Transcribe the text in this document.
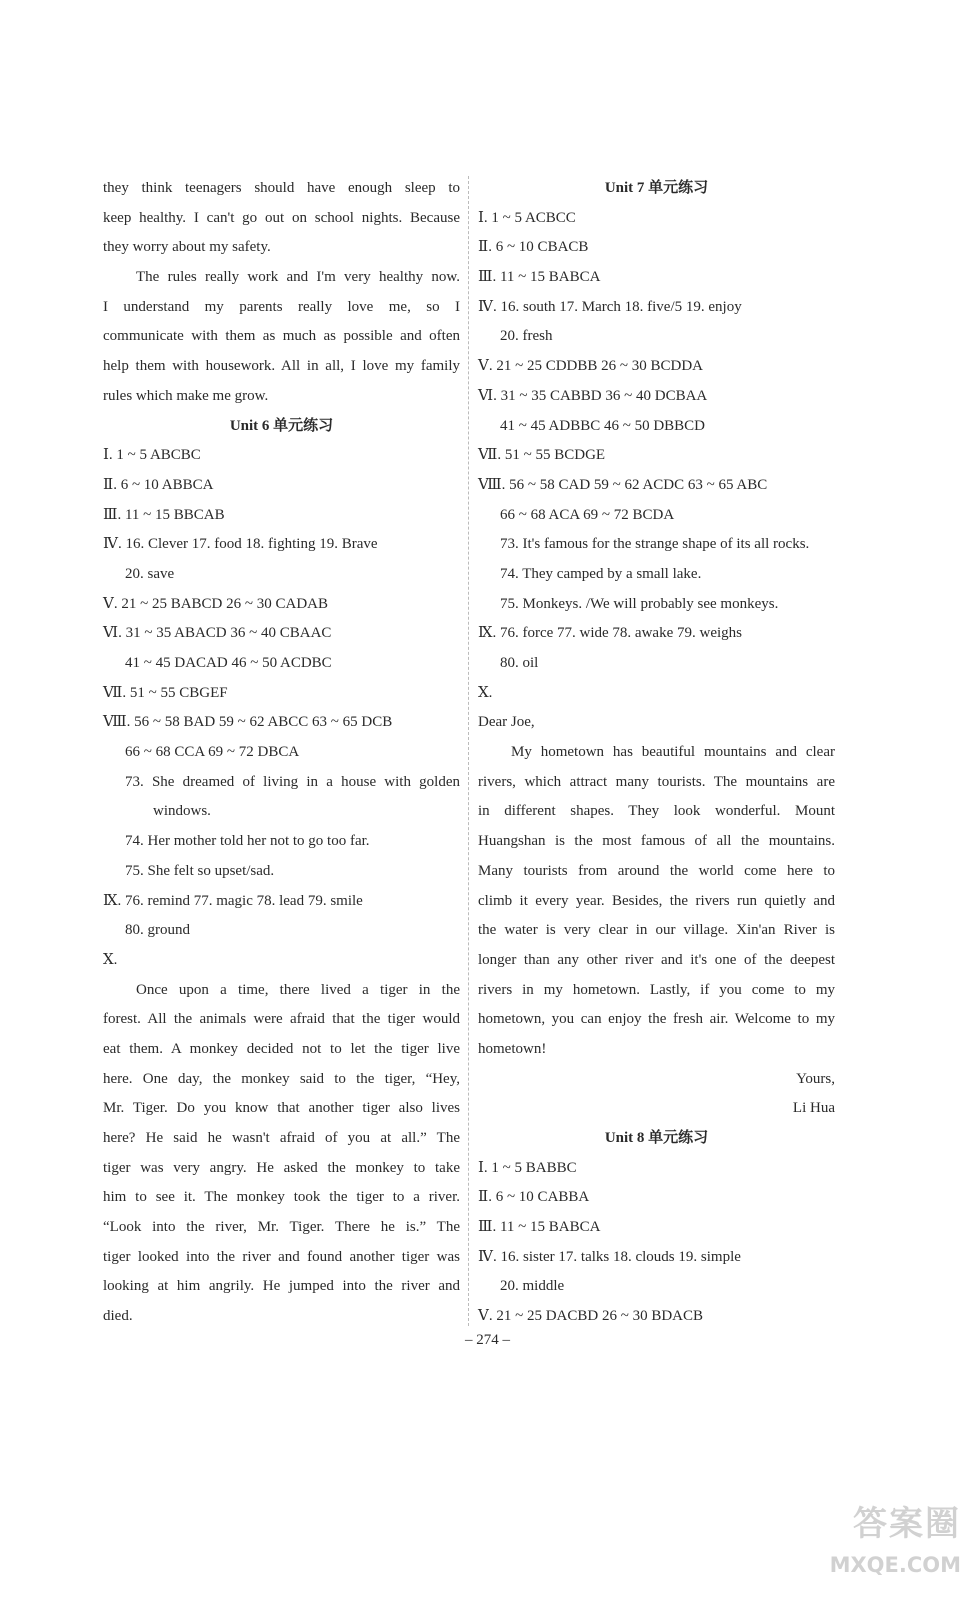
they think teenagers should have enough sleep to
keep healthy. I can't go out on school nights. Because
they worry about my safety.
The rules really work and I'm very healthy now.
I understand my parents really love me, so I
communicate with them as much as possible and often
help them with housework. All in all, I love my family
rules which make me grow.
Unit 6 单元练习
Ⅰ. 1 ~ 5 ABCBC
Ⅱ. 6 ~ 10 ABBCA
Ⅲ. 11 ~ 15 BBCAB
Ⅳ. 16. Clever 17. food 18. fighting 19. Brave
20. save
Ⅴ. 21 ~ 25 BABCD 26 ~ 30 CADAB
Ⅵ. 31 ~ 35 ABACD 36 ~ 40 CBAAC
41 ~ 45 DACAD 46 ~ 50 ACDBC
Ⅶ. 51 ~ 55 CBGEF
Ⅷ. 56 ~ 58 BAD 59 ~ 62 ABCC 63 ~ 65 DCB
66 ~ 68 CCA 69 ~ 72 DBCA
73. She dreamed of living in a house with golden
windows.
74. Her mother told her not to go too far.
75. She felt so upset/sad.
Ⅸ. 76. remind 77. magic 78. lead 79. smile
80. ground
Ⅹ.
Once upon a time, there lived a tiger in the
forest. All the animals were afraid that the tiger would
eat them. A monkey decided not to let the tiger live
here. One day, the monkey said to the tiger, “Hey,
Mr. Tiger. Do you know that another tiger also lives
here? He said he wasn't afraid of you at all.” The
tiger was very angry. He asked the monkey to take
him to see it. The monkey took the tiger to a river.
“Look into the river, Mr. Tiger. There he is.” The
tiger looked into the river and found another tiger was
looking at him angrily. He jumped into the river and
died.
Unit 7 单元练习
Ⅰ. 1 ~ 5 ACBCC
Ⅱ. 6 ~ 10 CBACB
Ⅲ. 11 ~ 15 BABCA
Ⅳ. 16. south 17. March 18. five/5 19. enjoy
20. fresh
Ⅴ. 21 ~ 25 CDDBB 26 ~ 30 BCDDA
Ⅵ. 31 ~ 35 CABBD 36 ~ 40 DCBAA
41 ~ 45 ADBBC 46 ~ 50 DBBCD
Ⅶ. 51 ~ 55 BCDGE
Ⅷ. 56 ~ 58 CAD 59 ~ 62 ACDC 63 ~ 65 ABC
66 ~ 68 ACA 69 ~ 72 BCDA
73. It's famous for the strange shape of its all rocks.
74. They camped by a small lake.
75. Monkeys. /We will probably see monkeys.
Ⅸ. 76. force 77. wide 78. awake 79. weighs
80. oil
Ⅹ.
Dear Joe,
My hometown has beautiful mountains and clear
rivers, which attract many tourists. The mountains are
in different shapes. They look wonderful. Mount
Huangshan is the most famous of all the mountains.
Many tourists from around the world come here to
climb it every year. Besides, the rivers run quietly and
the water is very clear in our village. Xin'an River is
longer than any other river and it's one of the deepest
rivers in my hometown. Lastly, if you come to my
hometown, you can enjoy the fresh air. Welcome to my
hometown!
Yours,
Li Hua
Unit 8 单元练习
Ⅰ. 1 ~ 5 BABBC
Ⅱ. 6 ~ 10 CABBA
Ⅲ. 11 ~ 15 BABCA
Ⅳ. 16. sister 17. talks 18. clouds 19. simple
20. middle
Ⅴ. 21 ~ 25 DACBD 26 ~ 30 BDACB
– 274 –
答案圈
MXQE.COM
